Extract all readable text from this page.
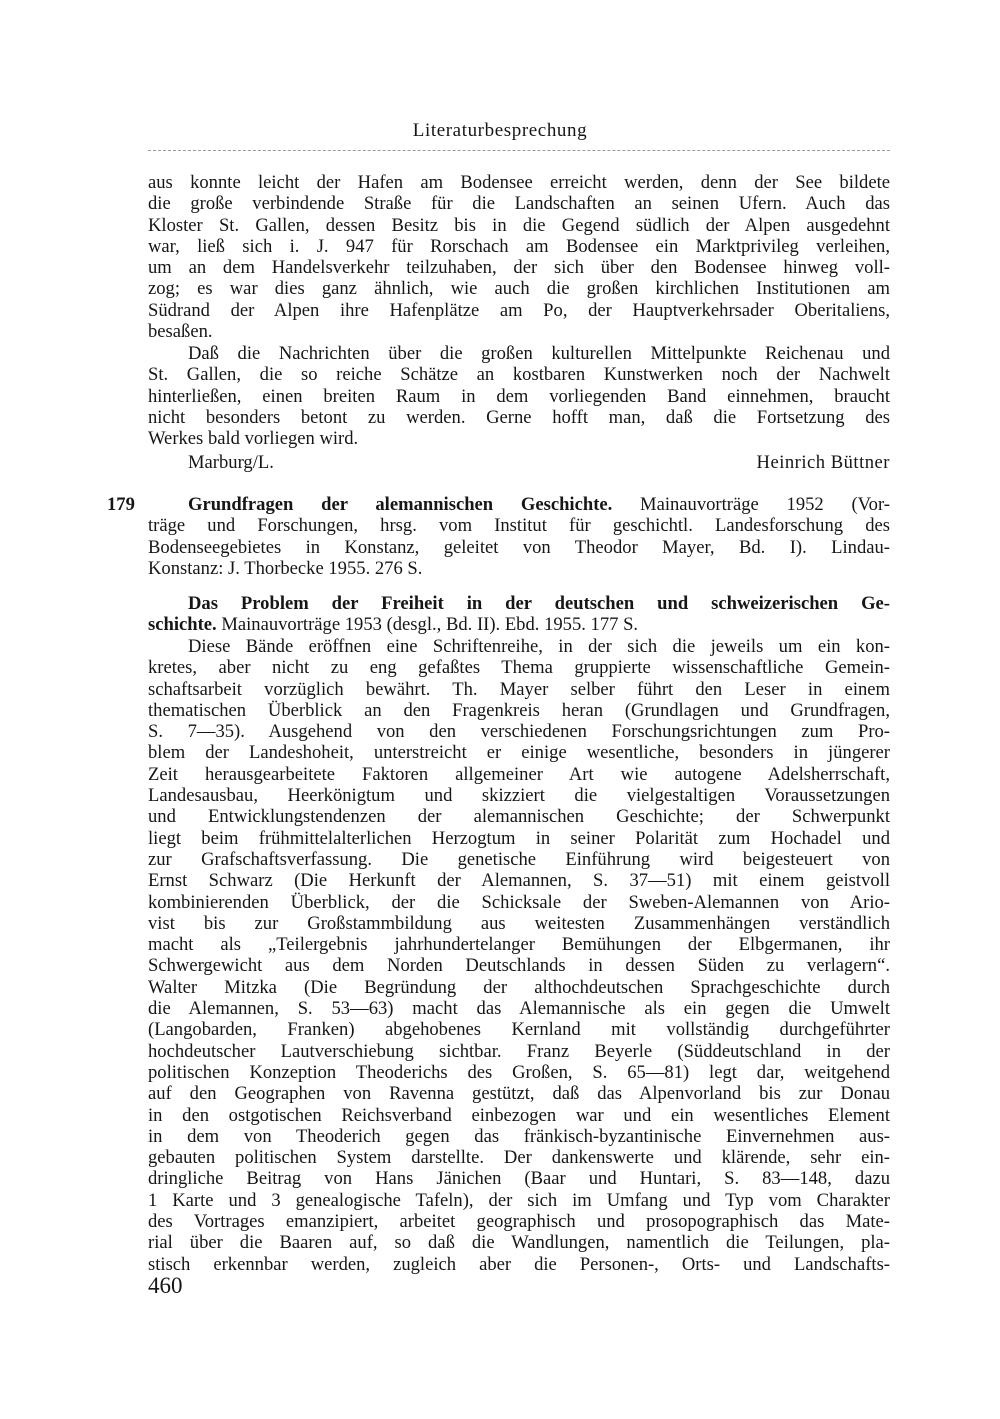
Literaturbesprechung
aus konnte leicht der Hafen am Bodensee erreicht werden, denn der See bildete
die große verbindende Straße für die Landschaften an seinen Ufern. Auch das
Kloster St. Gallen, dessen Besitz bis in die Gegend südlich der Alpen ausgedehnt
war, ließ sich i. J. 947 für Rorschach am Bodensee ein Marktprivileg verleihen,
um an dem Handelsverkehr teilzuhaben, der sich über den Bodensee hinweg voll-
zog; es war dies ganz ähnlich, wie auch die großen kirchlichen Institutionen am
Südrand der Alpen ihre Hafenplätze am Po, der Hauptverkehrsader Oberitaliens,
besaßen.
Daß die Nachrichten über die großen kulturellen Mittelpunkte Reichenau und
St. Gallen, die so reiche Schätze an kostbaren Kunstwerken noch der Nachwelt
hinterließen, einen breiten Raum in dem vorliegenden Band einnehmen, braucht
nicht besonders betont zu werden. Gerne hofft man, daß die Fortsetzung des
Werkes bald vorliegen wird.
Marburg/L.	Heinrich Büttner
179	Grundfragen der alemannischen Geschichte. Mainauvorträge 1952 (Vor-
träge und Forschungen, hrsg. vom Institut für geschichtl. Landesforschung des
Bodenseegebietes in Konstanz, geleitet von Theodor Mayer, Bd. I). Lindau-
Konstanz: J. Thorbecke 1955. 276 S.
Das Problem der Freiheit in der deutschen und schweizerischen Ge-
schichte. Mainauvorträge 1953 (desgl., Bd. II). Ebd. 1955. 177 S.
Diese Bände eröffnen eine Schriftenreihe, in der sich die jeweils um ein kon-
kretes, aber nicht zu eng gefaßtes Thema gruppierte wissenschaftliche Gemein-
schaftsarbeit vorzüglich bewährt. Th. Mayer selber führt den Leser in einem
thematischen Überblick an den Fragenkreis heran (Grundlagen und Grundfragen,
S. 7—35). Ausgehend von den verschiedenen Forschungsrichtungen zum Pro-
blem der Landeshoheit, unterstreicht er einige wesentliche, besonders in jüngerer
Zeit herausgearbeitete Faktoren allgemeiner Art wie autogene Adelsherrschaft,
Landesausbau, Heerkönigtum und skizziert die vielgestaltigen Voraussetzungen
und Entwicklungstendenzen der alemannischen Geschichte; der Schwerpunkt
liegt beim frühmittelalterlichen Herzogtum in seiner Polarität zum Hochadel und
zur Grafschaftsverfassung. Die genetische Einführung wird beigesteuert von
Ernst Schwarz (Die Herkunft der Alemannen, S. 37—51) mit einem geistvoll
kombinierenden Überblick, der die Schicksale der Sweben-Alemannen von Ario-
vist bis zur Großstammbildung aus weitesten Zusammenhängen verständlich
macht als „Teilergebnis jahrhundertelanger Bemühungen der Elbgermanen, ihr
Schwergewicht aus dem Norden Deutschlands in dessen Süden zu verlagern“.
Walter Mitzka (Die Begründung der althochdeutschen Sprachgeschichte durch
die Alemannen, S. 53—63) macht das Alemannische als ein gegen die Umwelt
(Langobarden, Franken) abgehobenes Kernland mit vollständig durchgeführter
hochdeutscher Lautverschiebung sichtbar. Franz Beyerle (Süddeutschland in der
politischen Konzeption Theoderichs des Großen, S. 65—81) legt dar, weitgehend
auf den Geographen von Ravenna gestützt, daß das Alpenvorland bis zur Donau
in den ostgotischen Reichsverband einbezogen war und ein wesentliches Element
in dem von Theoderich gegen das fränkisch-byzantinische Einvernehmen aus-
gebauten politischen System darstellte. Der dankenswerte und klärende, sehr ein-
dringliche Beitrag von Hans Jänichen (Baar und Huntari, S. 83—148, dazu
1 Karte und 3 genealogische Tafeln), der sich im Umfang und Typ vom Charakter
des Vortrages emanzipiert, arbeitet geographisch und prosopographisch das Mate-
rial über die Baaren auf, so daß die Wandlungen, namentlich die Teilungen, pla-
stisch erkennbar werden, zugleich aber die Personen-, Orts- und Landschafts-
460
